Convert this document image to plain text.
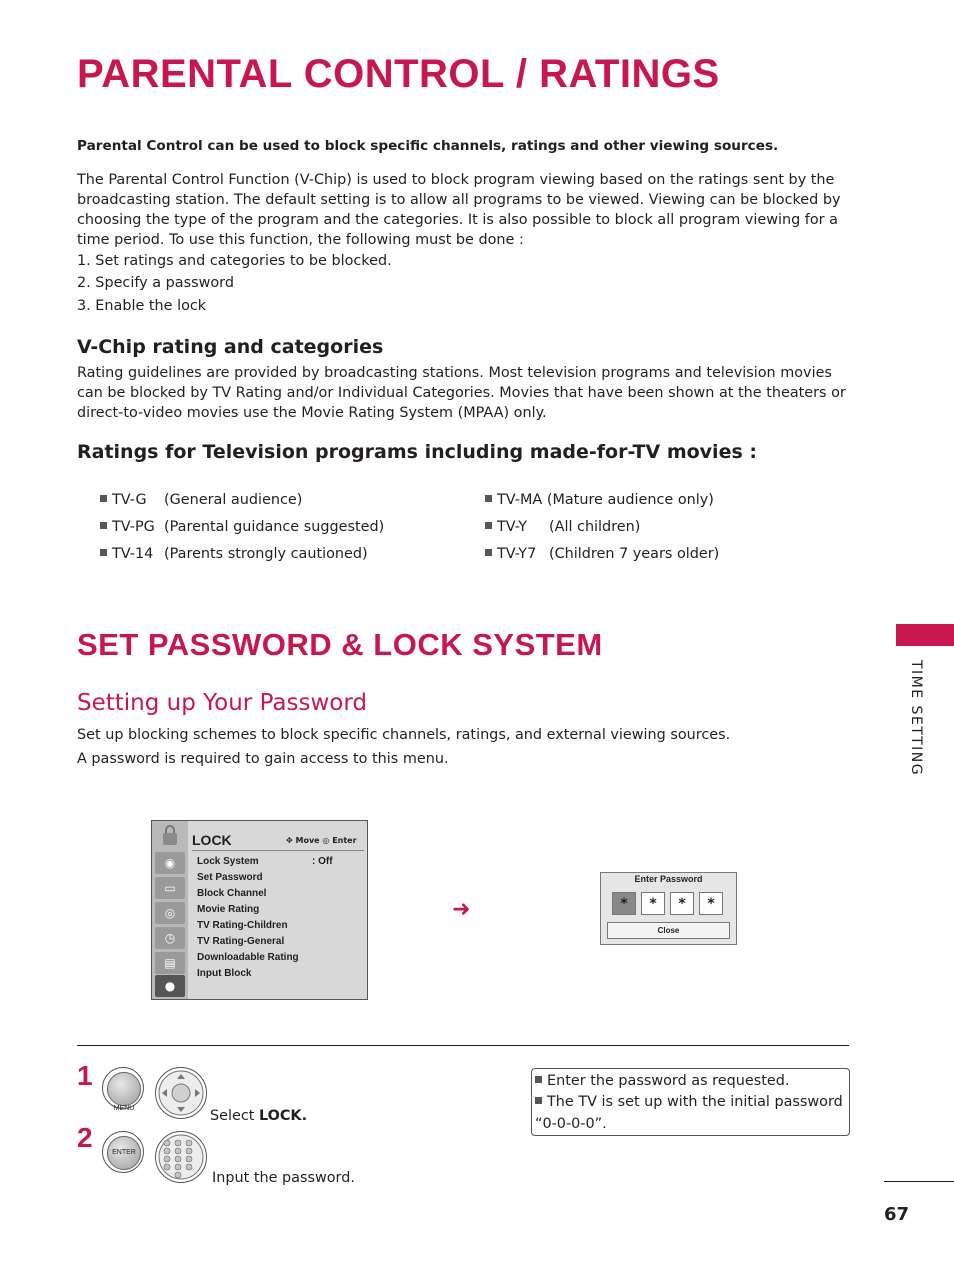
PARENTAL CONTROL / RATINGS
Parental Control can be used to block specific channels, ratings and other viewing sources.
The Parental Control Function (V-Chip) is used to block program viewing based on the ratings sent by the broadcasting station. The default setting is to allow all programs to be viewed. Viewing can be blocked by choosing the type of the program and the categories. It is also possible to block all program viewing for a time period. To use this function, the following must be done :
1. Set ratings and categories to be blocked.
2. Specify a password
3. Enable the lock
V-Chip rating and categories
Rating guidelines are provided by broadcasting stations. Most television programs and television movies can be blocked by TV Rating and/or Individual Categories. Movies that have been shown at the theaters or direct-to-video movies use the Movie Rating System (MPAA) only.
Ratings for Television programs including made-for-TV movies :
TV-G (General audience)
TV-PG (Parental guidance suggested)
TV-14 (Parents strongly cautioned)
TV-MA (Mature audience only)
TV-Y (All children)
TV-Y7 (Children 7 years older)
SET PASSWORD & LOCK SYSTEM
Setting up Your Password
Set up blocking schemes to block specific channels, ratings, and external viewing sources.
A password is required to gain access to this menu.	TIME SETTING
◉
▭
◎
◷
▤
●
LOCK	✥ Move ◎ Enter
Lock System	: Off
Set Password
Block Channel
Movie Rating
TV Rating-Children
TV Rating-General
Downloadable Rating
Input Block
➜
Enter Password
*	*	*	*
Close
1
MENU	Select LOCK.
2	ENTER
Input the password.
Enter the password as requested.
The TV is set up with the initial password “0-0-0-0”.
67
